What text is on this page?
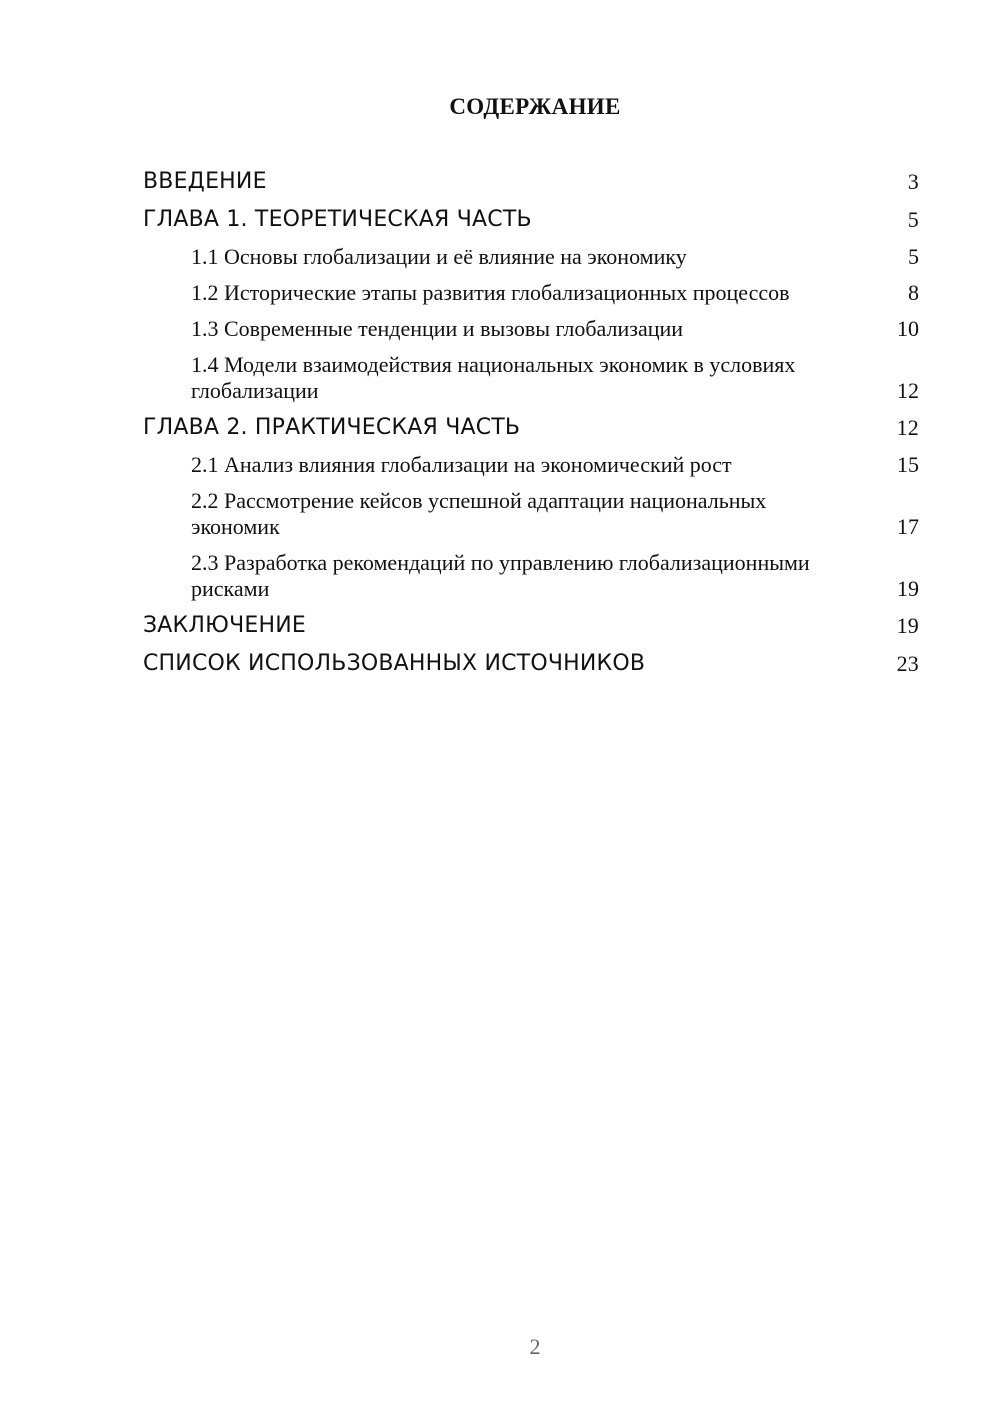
СОДЕРЖАНИЕ
ВВЕДЕНИЕ	3
ГЛАВА 1. ТЕОРЕТИЧЕСКАЯ ЧАСТЬ	5
1.1 Основы глобализации и её влияние на экономику	5
1.2 Исторические этапы развития глобализационных процессов	8
1.3 Современные тенденции и вызовы глобализации	10
1.4 Модели взаимодействия национальных экономик в условиях глобализации	12
ГЛАВА 2. ПРАКТИЧЕСКАЯ ЧАСТЬ	12
2.1 Анализ влияния глобализации на экономический рост	15
2.2 Рассмотрение кейсов успешной адаптации национальных экономик	17
2.3 Разработка рекомендаций по управлению глобализационными рисками	19
ЗАКЛЮЧЕНИЕ	19
СПИСОК ИСПОЛЬЗОВАННЫХ ИСТОЧНИКОВ	23
2
